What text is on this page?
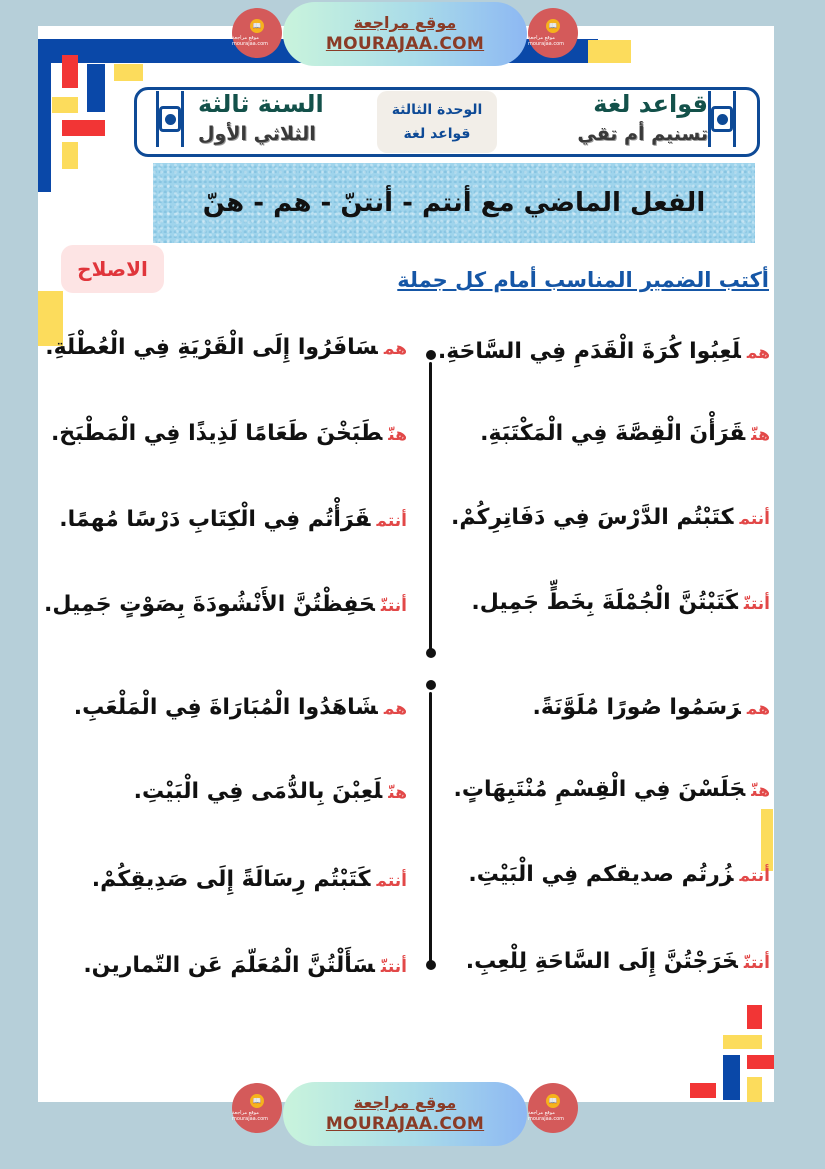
📖
موقع مراجعة mourajaa.com
موقع مراجعة
MOURAJAA.COM
📖
موقع مراجعة mourajaa.com
قواعد لغة
تسنيم أم تقي
الوحدة الثالثة
قواعد لغة
السنة ثالثة
الثلاثي الأول
الفعل الماضي مع أنتم - أنتنّ - هم - هنّ
الاصلاح	أكتب الضمير المناسب أمام كل جملة
هملَعِبُوا كُرَةَ الْقَدَمِ فِي السَّاحَةِ.
هنّقَرَأْنَ الْقِصَّةَ فِي الْمَكْتَبَةِ.
أنتمكتَبْتُم الدَّرْسَ فِي دَفَاتِرِكُمْ.
أنتنّكَتَبْتُنَّ الْجُمْلَةَ بِخَطٍّ جَمِيل.
همرَسَمُوا صُورًا مُلَوَّنَةً.
هنّجَلَسْنَ فِي الْقِسْمِ مُنْتَبِهَاتٍ.
أنتمزُرتُم صديقكم فِي الْبَيْتِ.
أنتنّخَرَجْتُنَّ إِلَى السَّاحَةِ لِلْعِبِ.
همسَافَرُوا إِلَى الْقَرْيَةِ فِي الْعُطْلَةِ.
هنّطَبَخْنَ طَعَامًا لَذِيذًا فِي الْمَطْبَخ.
أنتمقَرَأْتُم فِي الْكِتَابِ دَرْسًا مُهمًا.
أنتنّحَفِظْتُنَّ الأَنْشُودَةَ بِصَوْتٍ جَمِيل.
همشَاهَدُوا الْمُبَارَاةَ فِي الْمَلْعَبِ.
هنّلَعِبْنَ بِالدُّمَى فِي الْبَيْتِ.
أنتمكَتَبْتُم رِسَالَةً إِلَى صَدِيقِكُمْ.
أنتنّسَأَلْتُنَّ الْمُعَلّمَ عَن التّمارين.
📖
موقع مراجعة mourajaa.com
موقع مراجعة
MOURAJAA.COM
📖
موقع مراجعة mourajaa.com
